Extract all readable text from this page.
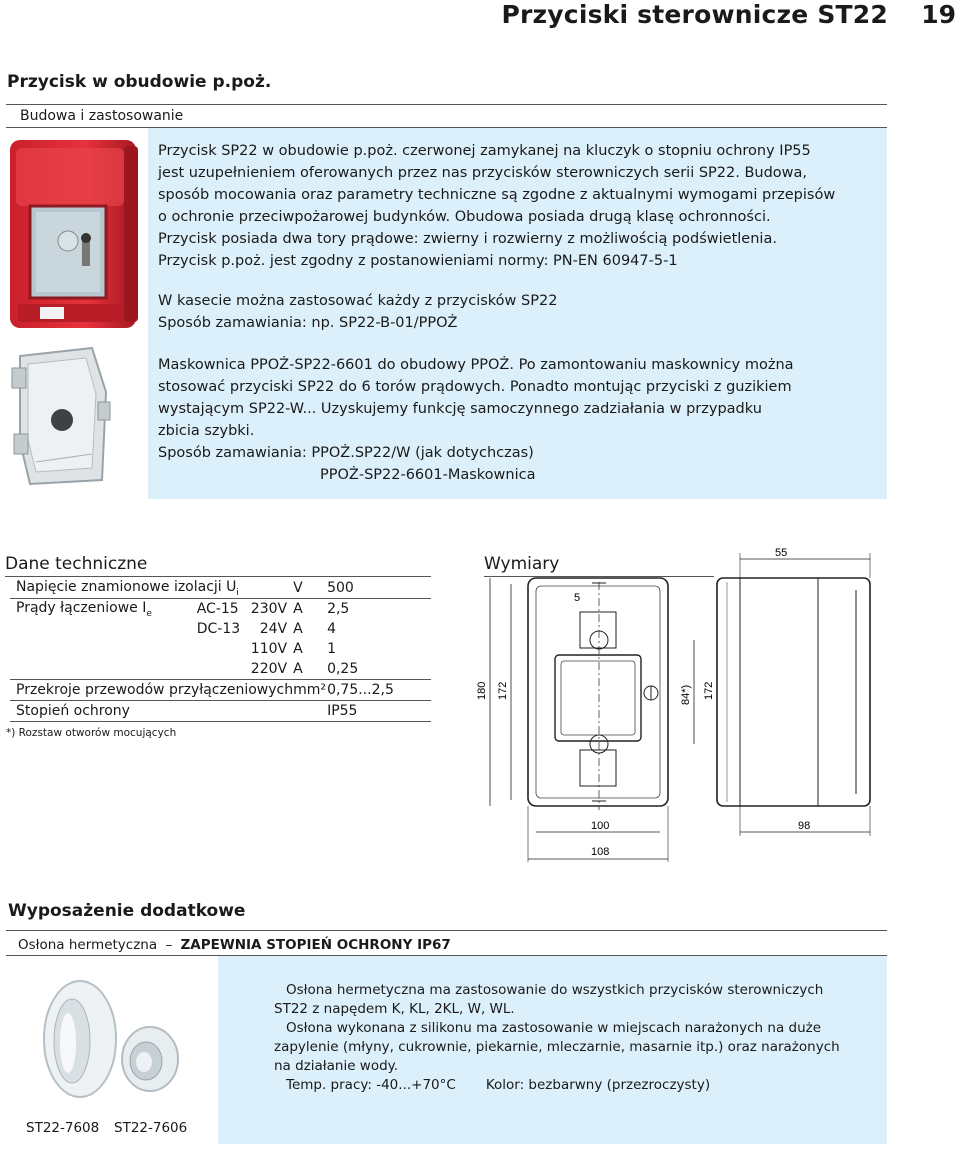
Przyciski sterownicze ST22 19
Przycisk w obudowie p.poż.
Budowa i zastosowanie
Przycisk SP22 w obudowie p.poż. czerwonej zamykanej na kluczyk o stopniu ochrony IP55
jest uzupełnieniem oferowanych przez nas przycisków sterowniczych serii SP22. Budowa,
sposób mocowania oraz parametry techniczne są zgodne z aktualnymi wymogami przepisów
o ochronie przeciwpożarowej budynków. Obudowa posiada drugą klasę ochronności.
Przycisk posiada dwa tory prądowe: zwierny i rozwierny z możliwością podświetlenia.
Przycisk p.poż. jest zgodny z postanowieniami normy: PN-EN 60947-5-1
W kasecie można zastosować każdy z przycisków SP22
Sposób zamawiania: np. SP22-B-01/PPOŻ
Maskownica PPOŻ-SP22-6601 do obudowy PPOŻ. Po zamontowaniu maskownicy można
stosować przyciski SP22 do 6 torów prądowych. Ponadto montując przyciski z guzikiem
wystającym SP22-W... Uzyskujemy funkcję samoczynnego zadziałania w przypadku
zbicia szybki.
Sposób zamawiania: PPOŻ.SP22/W (jak dotychczas)
PPOŻ-SP22-6601-Maskownica
Dane techniczne
Napięcie znamionowe izolacji $U_i$			V	500
Prądy łączeniowe $I_e$	AC-15	230V	A	2,5
	DC-13	24V	A	4
		110V	A	1
		220V	A	0,25
Przekroje przewodów przyłączeniowych			mm²	0,75...2,5
Stopień ochrony				IP55
*) Rozstaw otworów mocujących
Wymiary
55
5
180 172	84*) 172
100
108
98
Wyposażenie dodatkowe
Osłona hermetyczna – ZAPEWNIA STOPIEŃ OCHRONY IP67
Osłona hermetyczna ma zastosowanie do wszystkich przycisków sterowniczych
ST22 z napędem K, KL, 2KL, W, WL.
Osłona wykonana z silikonu ma zastosowanie w miejscach narażonych na duże
zapylenie (młyny, cukrownie, piekarnie, mleczarnie, masarnie itp.) oraz narażonych
na działanie wody.
Temp. pracy: -40...+70°C Kolor: bezbarwny (przezroczysty)
ST22-7608 ST22-7606
